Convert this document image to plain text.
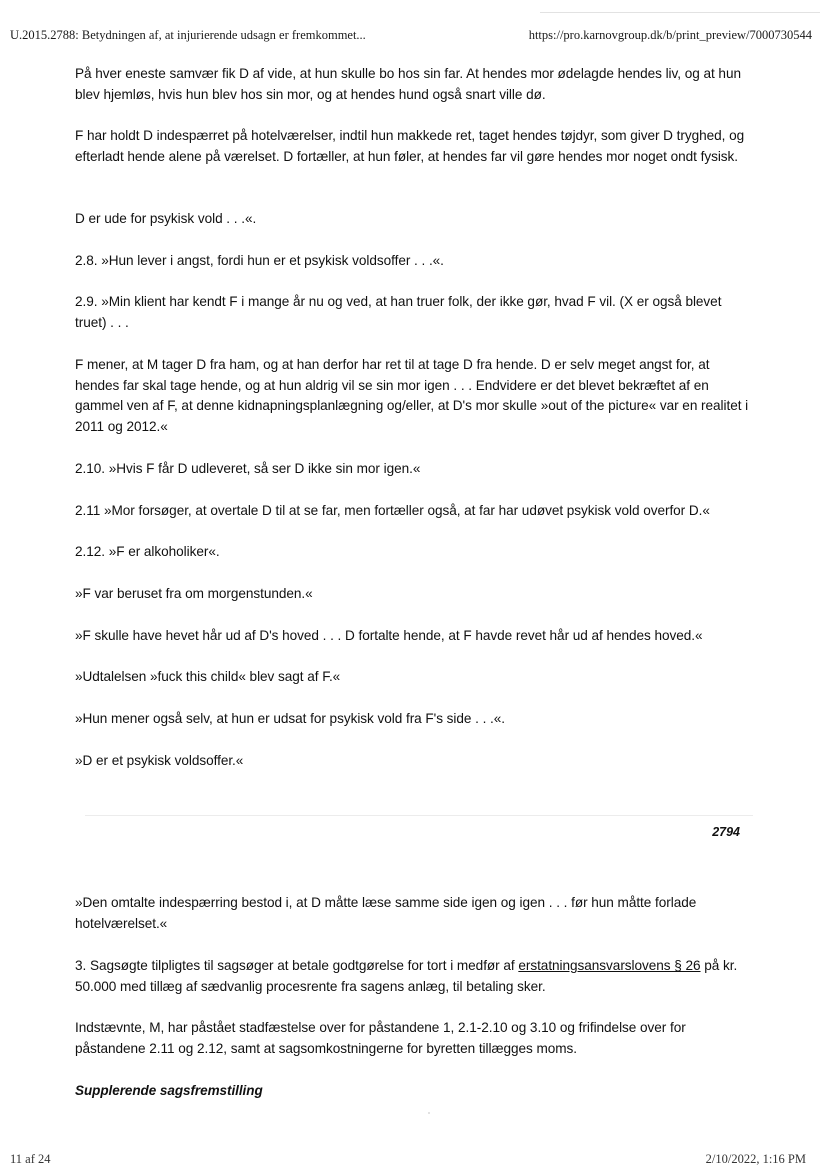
U.2015.2788: Betydningen af, at injurierende udsagn er fremkommet...	https://pro.karnovgroup.dk/b/print_preview/7000730544

På hver eneste samvær fik D af vide, at hun skulle bo hos sin far. At hendes mor ødelagde hendes liv, og at hun blev hjemløs, hvis hun blev hos sin mor, og at hendes hund også snart ville dø.

F har holdt D indespærret på hotelværelser, indtil hun makkede ret, taget hendes tøjdyr, som giver D tryghed, og efterladt hende alene på værelset. D fortæller, at hun føler, at hendes far vil gøre hendes mor noget ondt fysisk.

D er ude for psykisk vold . . .«.

2.8. »Hun lever i angst, fordi hun er et psykisk voldsoffer . . .«.

2.9. »Min klient har kendt F i mange år nu og ved, at han truer folk, der ikke gør, hvad F vil. (X er også blevet truet) . . .

F mener, at M tager D fra ham, og at han derfor har ret til at tage D fra hende. D er selv meget angst for, at hendes far skal tage hende, og at hun aldrig vil se sin mor igen . . . Endvidere er det blevet bekræftet af en gammel ven af F, at denne kidnapningsplanlægning og/eller, at D's mor skulle »out of the picture« var en realitet i 2011 og 2012.«

2.10. »Hvis F får D udleveret, så ser D ikke sin mor igen.«

2.11 »Mor forsøger, at overtale D til at se far, men fortæller også, at far har udøvet psykisk vold overfor D.«

2.12. »F er alkoholiker«.

»F var beruset fra om morgenstunden.«

»F skulle have hevet hår ud af D's hoved . . . D fortalte hende, at F havde revet hår ud af hendes hoved.«

»Udtalelsen »fuck this child« blev sagt af F.«

»Hun mener også selv, at hun er udsat for psykisk vold fra F's side . . .«.

»D er et psykisk voldsoffer.«

2794

»Den omtalte indespærring bestod i, at D måtte læse samme side igen og igen . . . før hun måtte forlade hotelværelset.«

3. Sagsøgte tilpligtes til sagsøger at betale godtgørelse for tort i medfør af erstatningsansvarslovens § 26 på kr. 50.000 med tillæg af sædvanlig procesrente fra sagens anlæg, til betaling sker.

Indstævnte, M, har påstået stadfæstelse over for påstandene 1, 2.1-2.10 og 3.10 og frifindelse over for påstandene 2.11 og 2.12, samt at sagsomkostningerne for byretten tillægges moms.

Supplerende sagsfremstilling

11 af 24	2/10/2022, 1:16 PM
